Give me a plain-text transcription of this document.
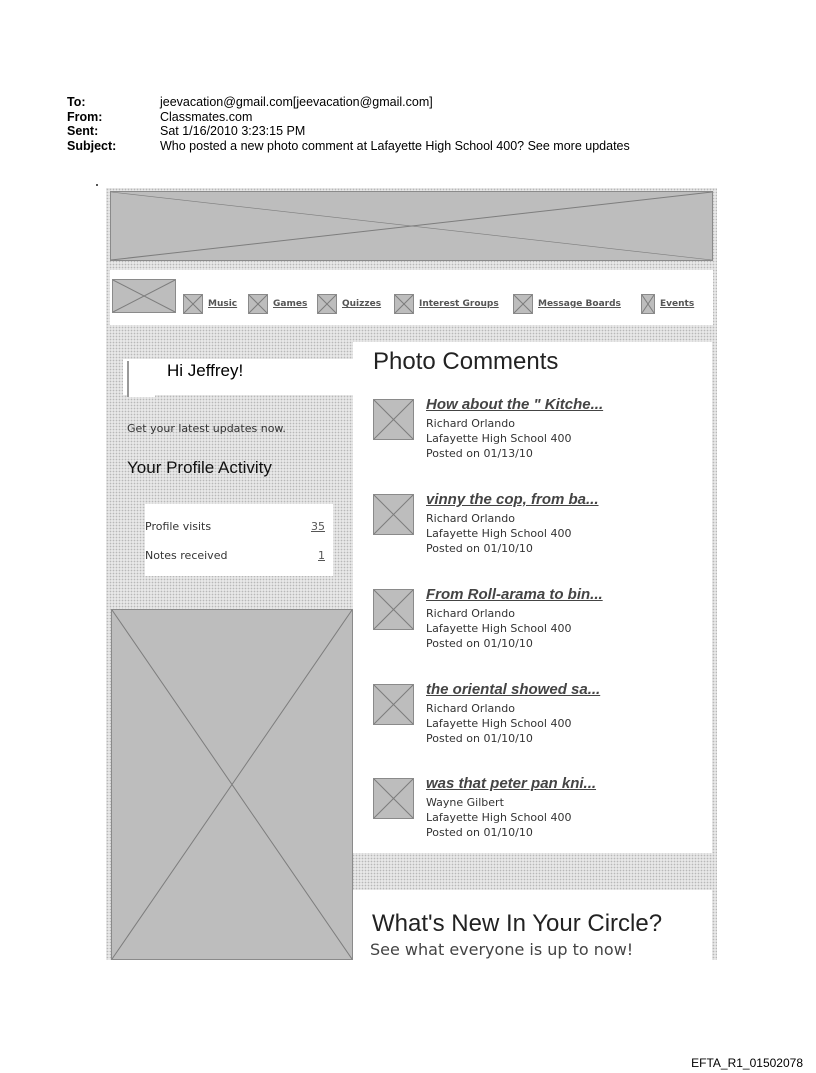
To:	jeevacation@gmail.com[jeevacation@gmail.com]
From:	Classmates.com
Sent:	Sat 1/16/2010 3:23:15 PM
Subject:	Who posted a new photo comment at Lafayette High School 400? See more updates
Music	Games	Quizzes	Interest Groups	Message Boards	Events
Hi Jeffrey!
Get your latest updates now.
Your Profile Activity
Profile visits	35
Notes received	1
Photo Comments
How about the " Kitche...
Richard Orlando
Lafayette High School 400
Posted on 01/13/10
vinny the cop, from ba...
Richard Orlando
Lafayette High School 400
Posted on 01/10/10
From Roll-arama to bin...
Richard Orlando
Lafayette High School 400
Posted on 01/10/10
the oriental showed sa...
Richard Orlando
Lafayette High School 400
Posted on 01/10/10
was that peter pan kni...
Wayne Gilbert
Lafayette High School 400
Posted on 01/10/10
What's New In Your Circle?
See what everyone is up to now!
EFTA_R1_01502078
